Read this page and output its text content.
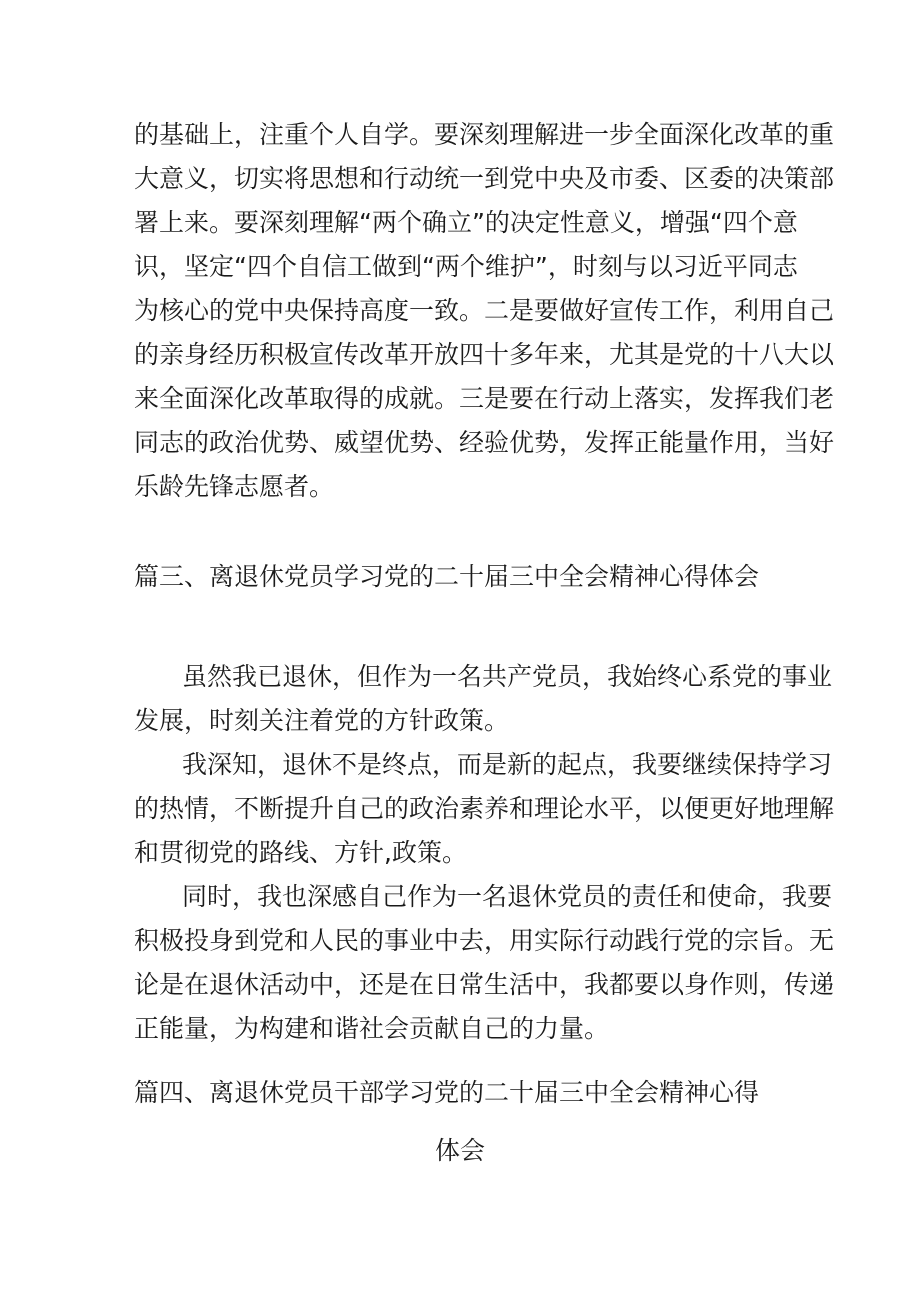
的基础上，注重个人自学。要深刻理解进一步全面深化改革的重

大意义，切实将思想和行动统一到党中央及市委、区委的决策部

署上来。要深刻理解“两个确立”的决定性意义，增强“四个意

识，坚定“四个自信工做到“两个维护”，时刻与以习近平同志

为核心的党中央保持高度一致。二是要做好宣传工作，利用自己

的亲身经历积极宣传改革开放四十多年来，尤其是党的十八大以

来全面深化改革取得的成就。三是要在行动上落实，发挥我们老

同志的政治优势、威望优势、经验优势，发挥正能量作用，当好

乐龄先锋志愿者。

篇三、离退休党员学习党的二十届三中全会精神心得体会

虽然我已退休，但作为一名共产党员，我始终心系党的事业

发展，时刻关注着党的方针政策。

我深知，退休不是终点，而是新的起点，我要继续保持学习

的热情，不断提升自己的政治素养和理论水平，以便更好地理解

和贯彻党的路线、方针,政策。

同时，我也深感自己作为一名退休党员的责任和使命，我要

积极投身到党和人民的事业中去，用实际行动践行党的宗旨。无

论是在退休活动中，还是在日常生活中，我都要以身作则，传递

正能量，为构建和谐社会贡献自己的力量。

篇四、离退休党员干部学习党的二十届三中全会精神心得

体会
